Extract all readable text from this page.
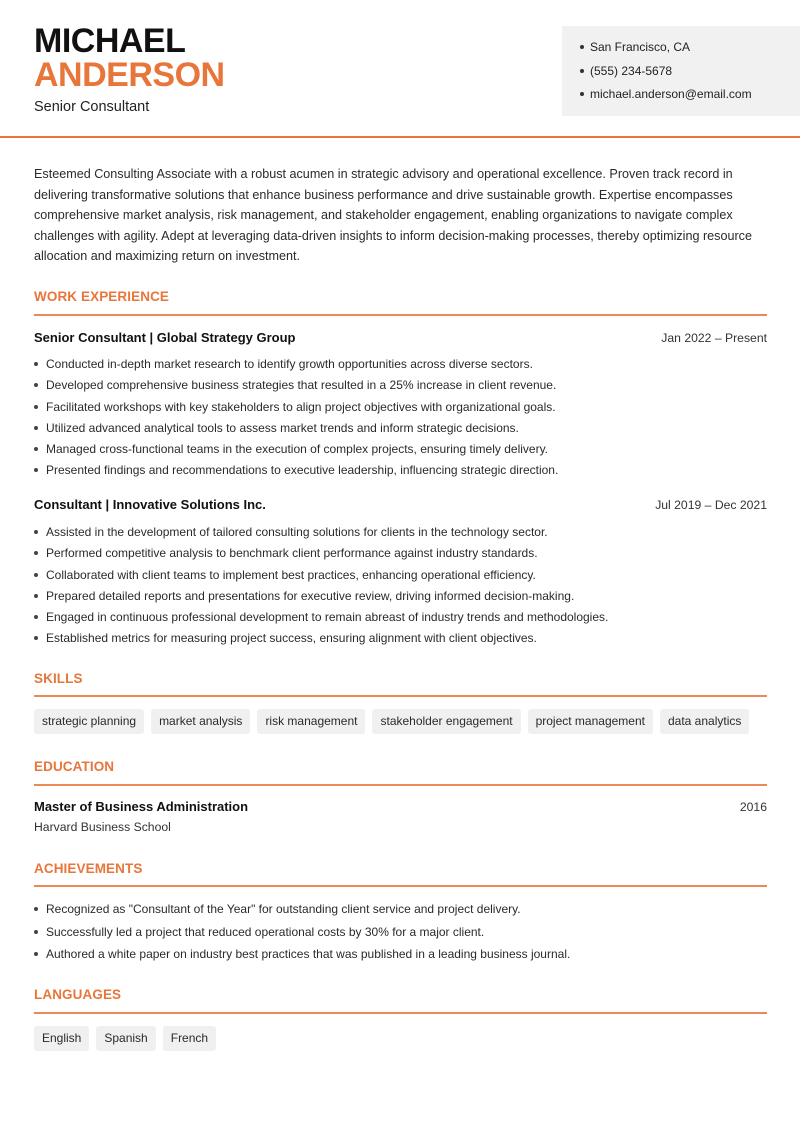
MICHAEL
ANDERSON
Senior Consultant
San Francisco, CA
(555) 234-5678
michael.anderson@email.com

Esteemed Consulting Associate with a robust acumen in strategic advisory and operational excellence. Proven track record in delivering transformative solutions that enhance business performance and drive sustainable growth. Expertise encompasses comprehensive market analysis, risk management, and stakeholder engagement, enabling organizations to navigate complex challenges with agility. Adept at leveraging data-driven insights to inform decision-making processes, thereby optimizing resource allocation and maximizing return on investment.

WORK EXPERIENCE
Senior Consultant | Global Strategy Group	Jan 2022 – Present
Conducted in-depth market research to identify growth opportunities across diverse sectors.
Developed comprehensive business strategies that resulted in a 25% increase in client revenue.
Facilitated workshops with key stakeholders to align project objectives with organizational goals.
Utilized advanced analytical tools to assess market trends and inform strategic decisions.
Managed cross-functional teams in the execution of complex projects, ensuring timely delivery.
Presented findings and recommendations to executive leadership, influencing strategic direction.
Consultant | Innovative Solutions Inc.	Jul 2019 – Dec 2021
Assisted in the development of tailored consulting solutions for clients in the technology sector.
Performed competitive analysis to benchmark client performance against industry standards.
Collaborated with client teams to implement best practices, enhancing operational efficiency.
Prepared detailed reports and presentations for executive review, driving informed decision-making.
Engaged in continuous professional development to remain abreast of industry trends and methodologies.
Established metrics for measuring project success, ensuring alignment with client objectives.
SKILLS
strategic planning	market analysis	risk management	stakeholder engagement	project management	data analytics
EDUCATION
Master of Business Administration	2016
Harvard Business School
ACHIEVEMENTS
Recognized as "Consultant of the Year" for outstanding client service and project delivery.
Successfully led a project that reduced operational costs by 30% for a major client.
Authored a white paper on industry best practices that was published in a leading business journal.
LANGUAGES
English	Spanish	French
